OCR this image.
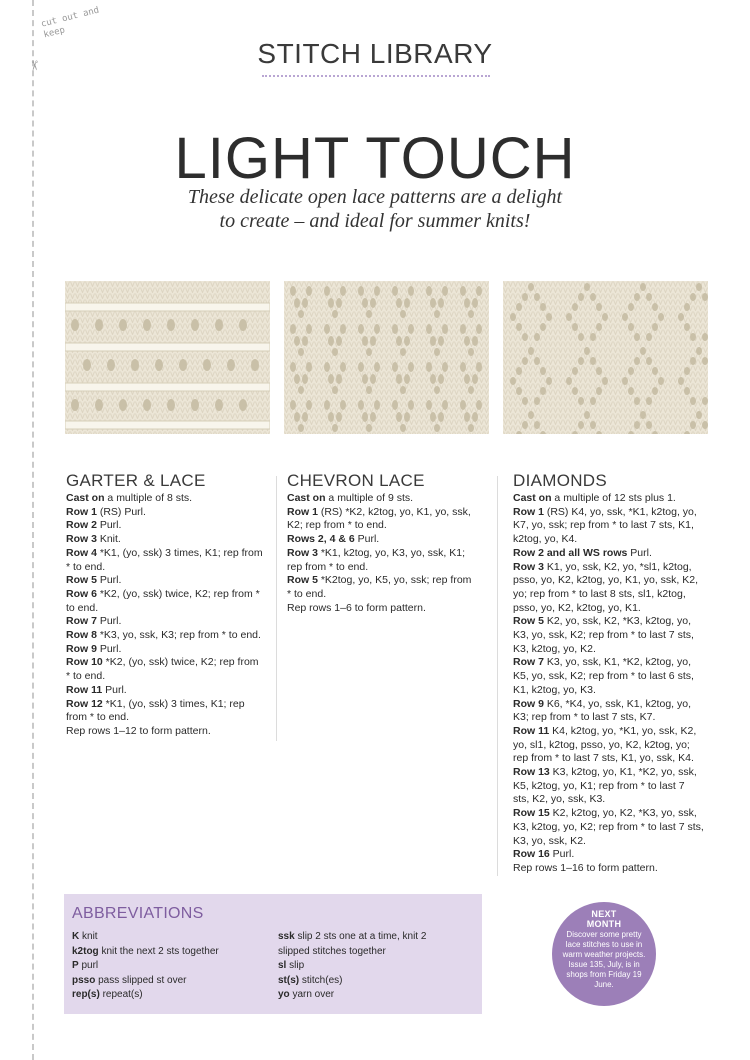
cut out and keep
✂	STITCH LIBRARY
LIGHT TOUCH
These delicate open lace patterns are a delight
to create – and ideal for summer knits!
GARTER & LACE

Cast on a multiple of 8 sts.

Row 1 (RS) Purl.

Row 2 Purl.

Row 3 Knit.

Row 4 *K1, (yo, ssk) 3 times, K1; rep from

* to end.

Row 5 Purl.

Row 6 *K2, (yo, ssk) twice, K2; rep from *

to end.

Row 7 Purl.

Row 8 *K3, yo, ssk, K3; rep from * to end.

Row 9 Purl.

Row 10 *K2, (yo, ssk) twice, K2; rep from

* to end.

Row 11 Purl.

Row 12 *K1, (yo, ssk) 3 times, K1; rep

from * to end.

Rep rows 1–12 to form pattern.

CHEVRON LACE

Cast on a multiple of 9 sts.

Row 1 (RS) *K2, k2tog, yo, K1, yo, ssk,

K2; rep from * to end.

Rows 2, 4 & 6 Purl.

Row 3 *K1, k2tog, yo, K3, yo, ssk, K1;

rep from * to end.

Row 5 *K2tog, yo, K5, yo, ssk; rep from

* to end.

Rep rows 1–6 to form pattern.

DIAMONDS

Cast on a multiple of 12 sts plus 1.

Row 1 (RS) K4, yo, ssk, *K1, k2tog, yo,

K7, yo, ssk; rep from * to last 7 sts, K1,

k2tog, yo, K4.

Row 2 and all WS rows Purl.

Row 3 K1, yo, ssk, K2, yo, *sl1, k2tog,

psso, yo, K2, k2tog, yo, K1, yo, ssk, K2,

yo; rep from * to last 8 sts, sl1, k2tog,

psso, yo, K2, k2tog, yo, K1.

Row 5 K2, yo, ssk, K2, *K3, k2tog, yo,

K3, yo, ssk, K2; rep from * to last 7 sts,

K3, k2tog, yo, K2.

Row 7 K3, yo, ssk, K1, *K2, k2tog, yo,

K5, yo, ssk, K2; rep from * to last 6 sts,

K1, k2tog, yo, K3.

Row 9 K6, *K4, yo, ssk, K1, k2tog, yo,

K3; rep from * to last 7 sts, K7.

Row 11 K4, k2tog, yo, *K1, yo, ssk, K2,

yo, sl1, k2tog, psso, yo, K2, k2tog, yo;

rep from * to last 7 sts, K1, yo, ssk, K4.

Row 13 K3, k2tog, yo, K1, *K2, yo, ssk,

K5, k2tog, yo, K1; rep from * to last 7

sts, K2, yo, ssk, K3.

Row 15 K2, k2tog, yo, K2, *K3, yo, ssk,

K3, k2tog, yo, K2; rep from * to last 7 sts,

K3, yo, ssk, K2.

Row 16 Purl.

Rep rows 1–16 to form pattern.

ABBREVIATIONS

K knit

k2tog knit the next 2 sts together

P purl

psso pass slipped st over

rep(s) repeat(s)

ssk slip 2 sts one at a time, knit 2

slipped stitches together

sl slip

st(s) stitch(es)

yo yarn over

NEXT
MONTH
Discover some pretty lace stitches to use in warm weather projects. Issue 135, July, is in shops from Friday 19 June.
